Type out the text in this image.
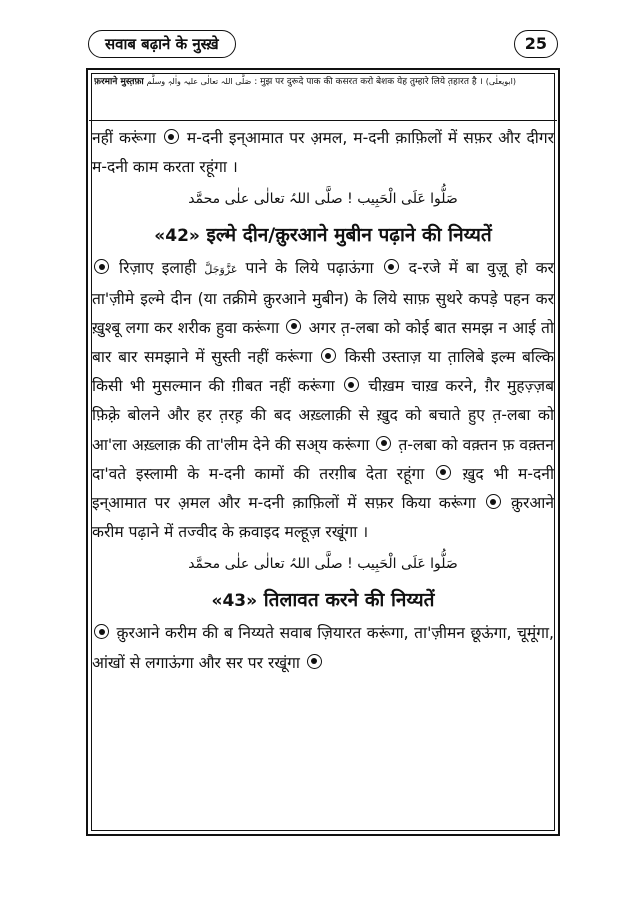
सवाब बढ़ाने के नुस्खे़	25
फ़रमाने मुस्त़फ़ा صَلَّی اللہ تعالٰی علیہ واٰلہٖ وسلَّم : मुझ पर दुरूदे पाक की कसरत करो बेशक येह तुम्हारे लिये त़हारत है । (ابویعلٰی)

नहीं करूंगा म-दनी इन्आमात पर अ़मल, म-दनी क़ाफ़िलों में सफ़र और दीगर म-दनी काम करता रहूंगा ।

صَلُّوا عَلَی الْحَبِیب ! صلَّی اللہُ تعالٰی علٰی محمَّد

«42» इल्मे दीन/क़ुरआने मुबीन पढ़ाने की निय्यतें

रिज़ाए इलाही عَزَّوَجَلَّ पाने के लिये पढ़ाऊंगा द-रजे में बा वुज़ू हो कर ता'ज़ीमे इल्मे दीन (या तक्रीमे क़ुरआने मुबीन) के लिये साफ़ सुथरे कपड़े पहन कर ख़ुश्बू लगा कर शरीक हुवा करूंगा अगर त़-लबा को कोई बात समझ न आई तो बार बार समझाने में सुस्ती नहीं करूंगा किसी उस्ताज़ या त़ालिबे इल्म बल्कि किसी भी मुसल्मान की ग़ीबत नहीं करूंगा चीख़म चाख़ करने, ग़ैर मुहज़्ज़ब फ़िक़्रे बोलने और हर त़रह़ की बद अख़्लाक़ी से ख़ुद को बचाते हुए त़-लबा को आ'ला अख़्लाक़ की ता'लीम देने की सअ्य करूंगा त़-लबा को वक़्तन फ़ वक़्तन दा'वते इस्लामी के म-दनी कामों की तरग़ीब देता रहूंगा ख़ुद भी म-दनी इन्आमात पर अ़मल और म-दनी क़ाफ़िलों में सफ़र किया करूंगा क़ुरआने करीम पढ़ाने में तज्वीद के क़वाइद मल्हूज़ रखूंगा ।

صَلُّوا عَلَی الْحَبِیب ! صلَّی اللہُ تعالٰی علٰی محمَّد

«43» तिलावत करने की निय्यतें

क़ुरआने करीम की ब निय्यते सवाब ज़ियारत करूंगा, ता'ज़ीमन छूऊंगा, चूमूंगा, आंखों से लगाऊंगा और सर पर रखूंगा
